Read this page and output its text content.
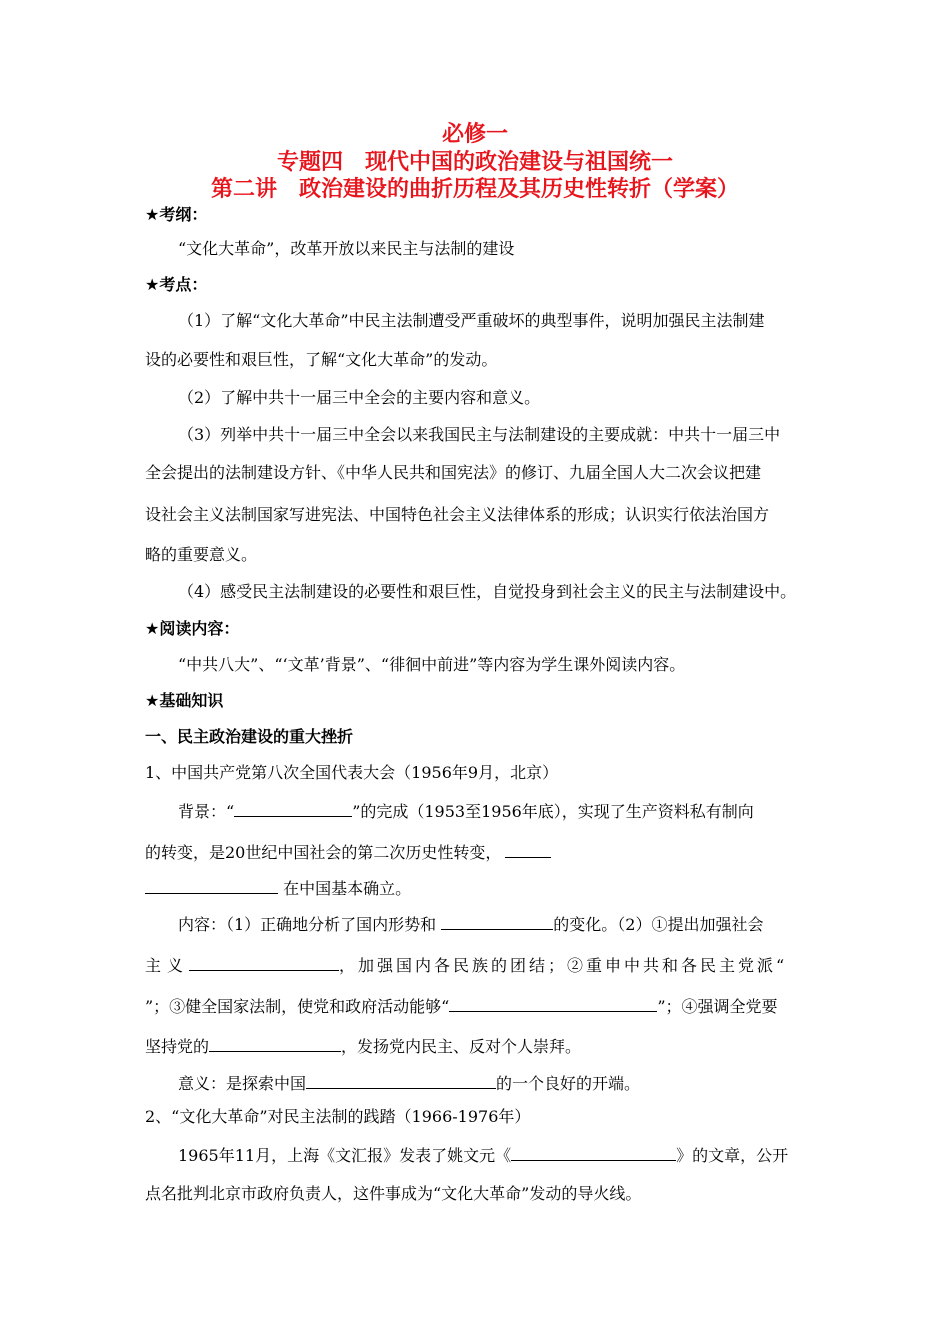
必修一
专题四　现代中国的政治建设与祖国统一
第二讲　政治建设的曲折历程及其历史性转折（学案）
★考纲：
“文化大革命”，改革开放以来民主与法制的建设
★考点：
（1）了解“文化大革命”中民主法制遭受严重破坏的典型事件，说明加强民主法制建
设的必要性和艰巨性，了解“文化大革命”的发动。
（2）了解中共十一届三中全会的主要内容和意义。
（3）列举中共十一届三中全会以来我国民主与法制建设的主要成就：中共十一届三中
全会提出的法制建设方针、《中华人民共和国宪法》的修订、九届全国人大二次会议把建
设社会主义法制国家写进宪法、中国特色社会主义法律体系的形成；认识实行依法治国方
略的重要意义。
（4）感受民主法制建设的必要性和艰巨性，自觉投身到社会主义的民主与法制建设中。
★阅读内容：
“中共八大”、“‘文革’背景”、“徘徊中前进”等内容为学生课外阅读内容。
★基础知识
一、民主政治建设的重大挫折
1、中国共产党第八次全国代表大会（1956年9月，北京）
背景：“	”的完成（1953至1956年底），实现了生产资料私有制向
的转变，是20世纪中国社会的第二次历史性转变，
在中国基本确立。
内容：（1）正确地分析了国内形势和	的变化。（2）①提出加强社会
主义	，加强国内各民族的团结；②重申中共和各民主党派“
”；③健全国家法制，使党和政府活动能够“	”；④强调全党要
坚持党的	，发扬党内民主、反对个人崇拜。
意义：是探索中国	的一个良好的开端。
2、“文化大革命”对民主法制的践踏（1966-1976年）
1965年11月，上海《文汇报》发表了姚文元《	》的文章，公开
点名批判北京市政府负责人，这件事成为“文化大革命”发动的导火线。
